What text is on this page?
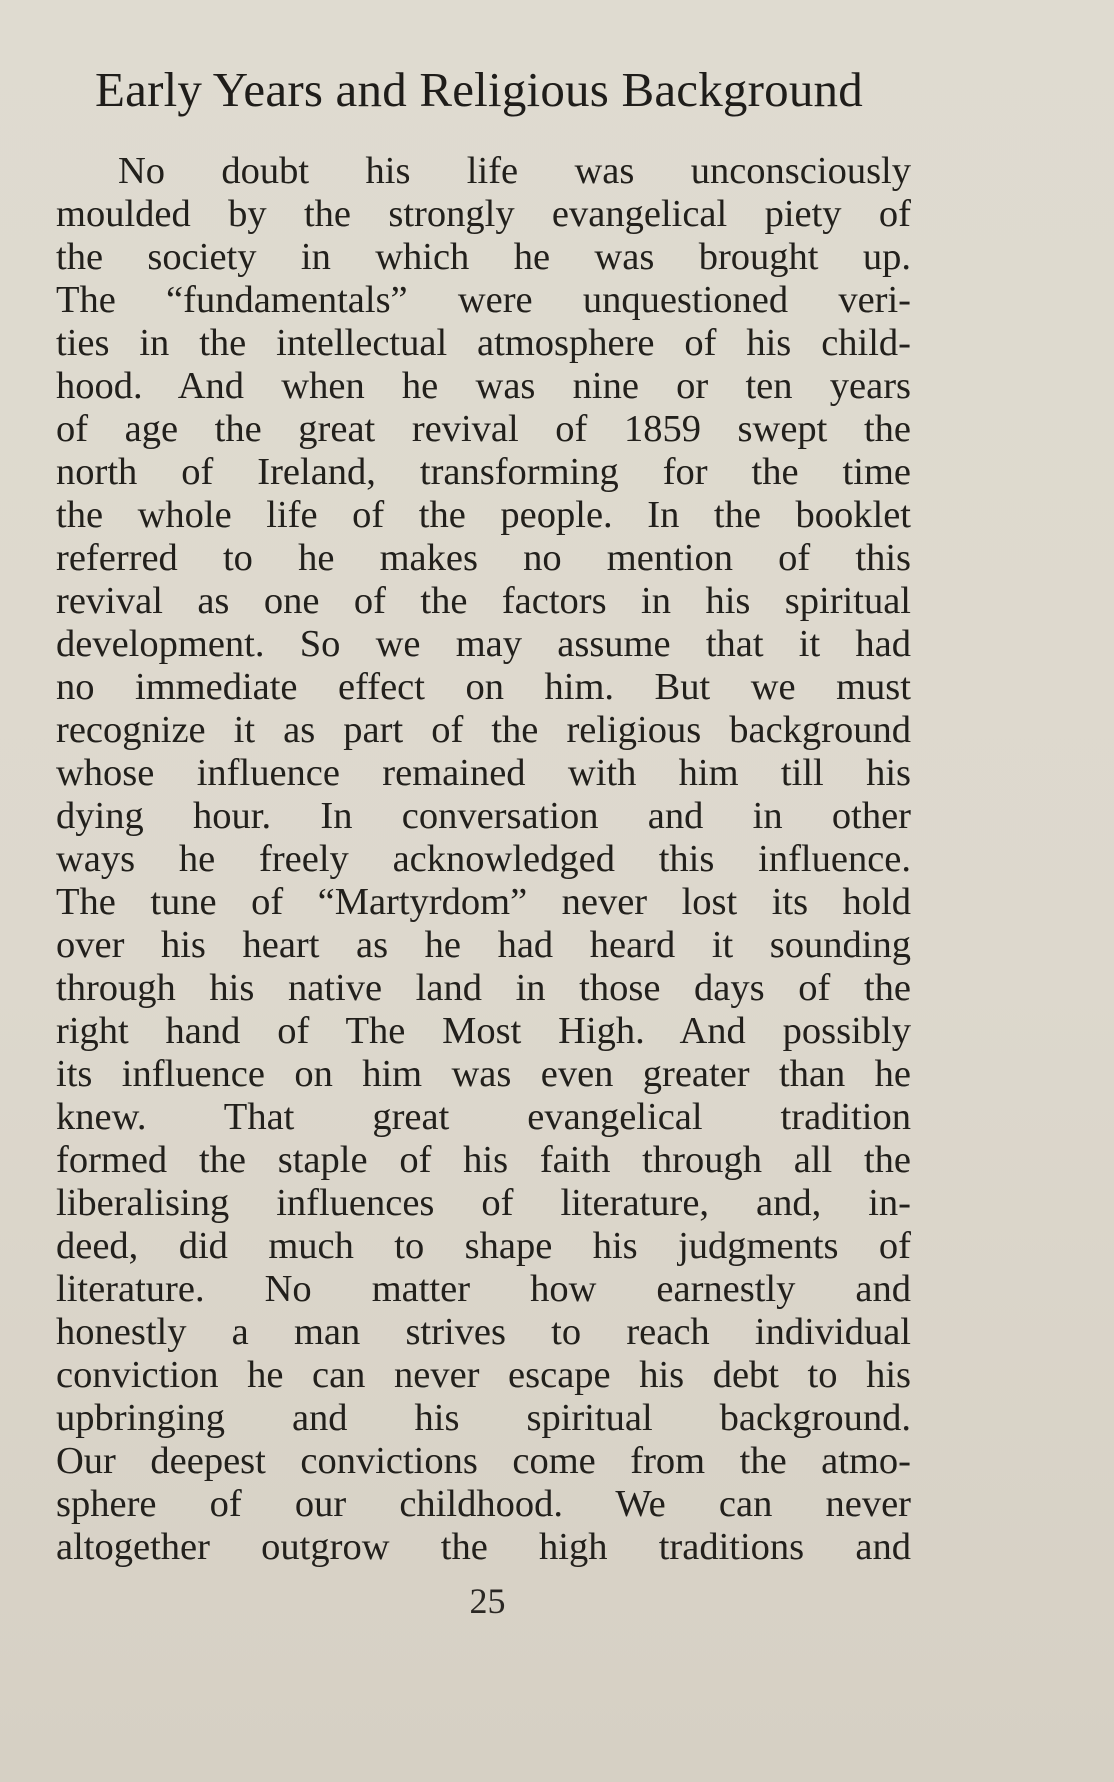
Early Years and Religious Background
No doubt his life was unconsciously
moulded by the strongly evangelical piety of
the society in which he was brought up.
The “fundamentals” were unquestioned veri-
ties in the intellectual atmosphere of his child-
hood. And when he was nine or ten years
of age the great revival of 1859 swept the
north of Ireland, transforming for the time
the whole life of the people. In the booklet
referred to he makes no mention of this
revival as one of the factors in his spiritual
development. So we may assume that it had
no immediate effect on him. But we must
recognize it as part of the religious background
whose influence remained with him till his
dying hour. In conversation and in other
ways he freely acknowledged this influence.
The tune of “Martyrdom” never lost its hold
over his heart as he had heard it sounding
through his native land in those days of the
right hand of The Most High. And possibly
its influence on him was even greater than he
knew. That great evangelical tradition
formed the staple of his faith through all the
liberalising influences of literature, and, in-
deed, did much to shape his judgments of
literature. No matter how earnestly and
honestly a man strives to reach individual
conviction he can never escape his debt to his
upbringing and his spiritual background.
Our deepest convictions come from the atmo-
sphere of our childhood. We can never
altogether outgrow the high traditions and
25
